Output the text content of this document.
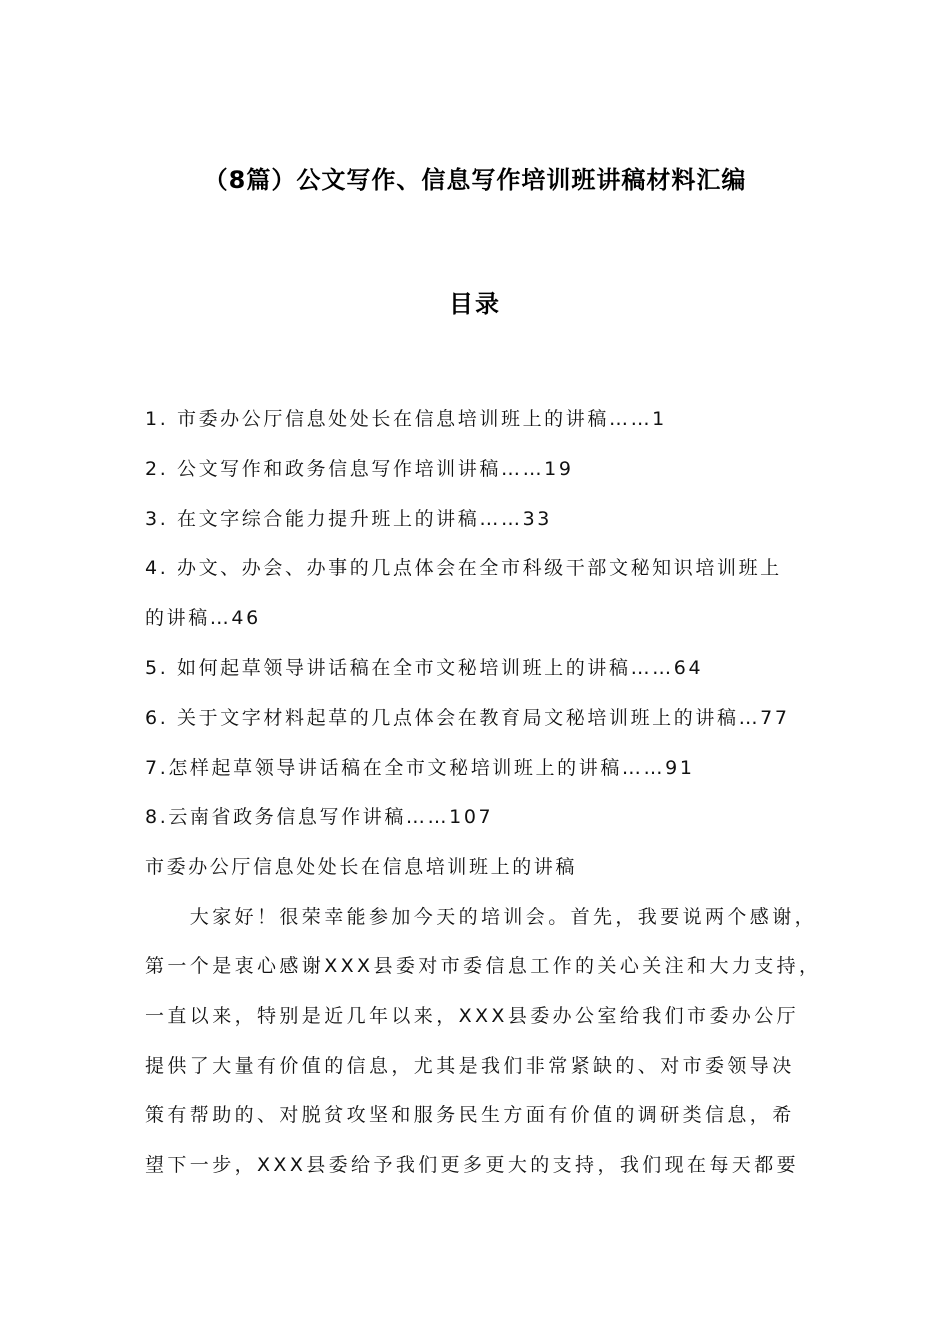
（8篇）公文写作、信息写作培训班讲稿材料汇编
目录
1. 市委办公厅信息处处长在信息培训班上的讲稿……1
2. 公文写作和政务信息写作培训讲稿……19
3. 在文字综合能力提升班上的讲稿……33
4. 办文、办会、办事的几点体会在全市科级干部文秘知识培训班上
的讲稿…46
5. 如何起草领导讲话稿在全市文秘培训班上的讲稿……64
6. 关于文字材料起草的几点体会在教育局文秘培训班上的讲稿…77
7.怎样起草领导讲话稿在全市文秘培训班上的讲稿……91
8.云南省政务信息写作讲稿……107
市委办公厅信息处处长在信息培训班上的讲稿
　　大家好！很荣幸能参加今天的培训会。首先，我要说两个感谢，
第一个是衷心感谢XXX县委对市委信息工作的关心关注和大力支持，
一直以来，特别是近几年以来，XXX县委办公室给我们市委办公厅
提供了大量有价值的信息，尤其是我们非常紧缺的、对市委领导决
策有帮助的、对脱贫攻坚和服务民生方面有价值的调研类信息，希
望下一步，XXX县委给予我们更多更大的支持，我们现在每天都要
